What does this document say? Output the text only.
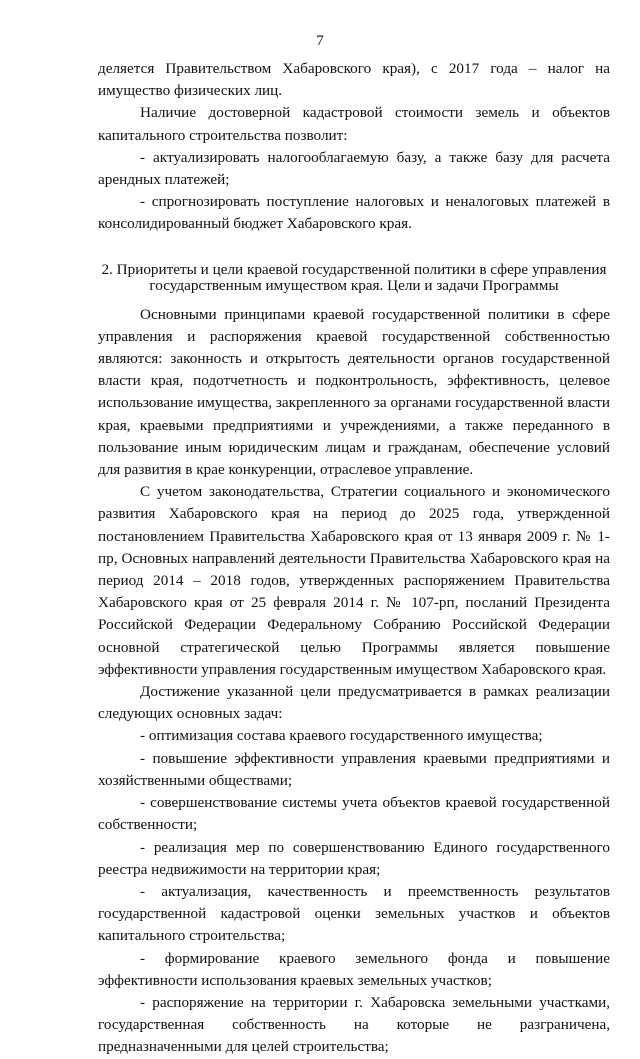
7

деляется Правительством Хабаровского края), с 2017 года – налог на имущество физических лиц.

Наличие достоверной кадастровой стоимости земель и объектов капитального строительства позволит:

- актуализировать налогооблагаемую базу, а также базу для расчета арендных платежей;

- спрогнозировать поступление налоговых и неналоговых платежей в консолидированный бюджет Хабаровского края.

2. Приоритеты и цели краевой государственной политики в сфере управления государственным имуществом края. Цели и задачи Программы

Основными принципами краевой государственной политики в сфере управления и распоряжения краевой государственной собственностью являются: законность и открытость деятельности органов государственной власти края, подотчетность и подконтрольность, эффективность, целевое использование имущества, закрепленного за органами государственной власти края, краевыми предприятиями и учреждениями, а также переданного в пользование иным юридическим лицам и гражданам, обеспечение условий для развития в крае конкуренции, отраслевое управление.

С учетом законодательства, Стратегии социального и экономического развития Хабаровского края на период до 2025 года, утвержденной постановлением Правительства Хабаровского края от 13 января 2009 г. № 1-пр, Основных направлений деятельности Правительства Хабаровского края на период 2014 – 2018 годов, утвержденных распоряжением Правительства Хабаровского края от 25 февраля 2014 г. № 107-рп, посланий Президента Российской Федерации Федеральному Собранию Российской Федерации основной стратегической целью Программы является повышение эффективности управления государственным имуществом Хабаровского края.

Достижение указанной цели предусматривается в рамках реализации следующих основных задач:

- оптимизация состава краевого государственного имущества;

- повышение эффективности управления краевыми предприятиями и хозяйственными обществами;

- совершенствование системы учета объектов краевой государственной собственности;

- реализация мер по совершенствованию Единого государственного реестра недвижимости на территории края;

- актуализация, качественность и преемственность результатов государственной кадастровой оценки земельных участков и объектов капитального строительства;

- формирование краевого земельного фонда и повышение эффективности использования краевых земельных участков;

- распоряжение на территории г. Хабаровска земельными участками, государственная собственность на которые не разграничена, предназначенными для целей строительства;
